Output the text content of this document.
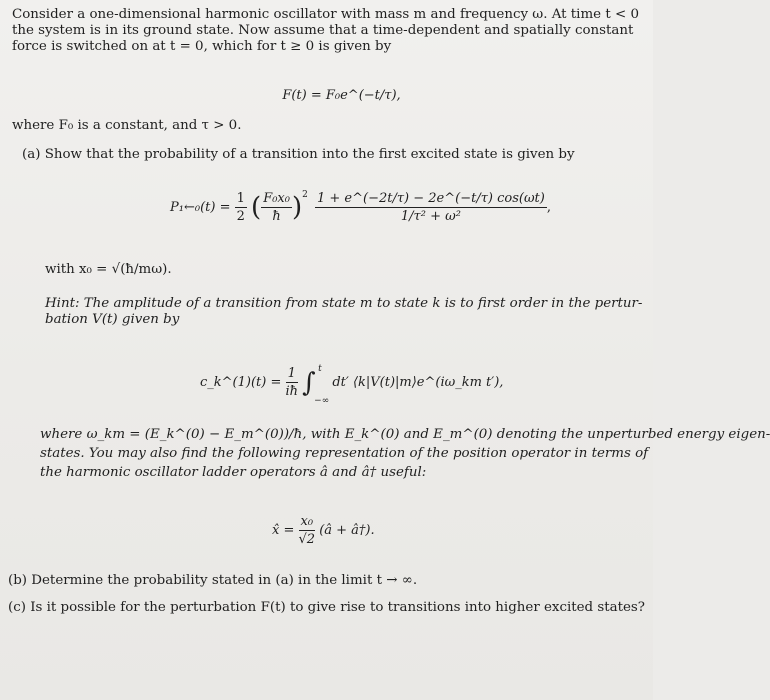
Consider a one-dimensional harmonic oscillator with mass m and frequency ω. At time t < 0
the system is in its ground state. Now assume that a time-dependent and spatially constant
force is switched on at t = 0, which for t ≥ 0 is given by
F(t) = F₀e^(−t/τ),
where F₀ is a constant, and τ > 0.
(a) Show that the probability of a transition into the first excited state is given by
P₁←₀(t) = $\frac{1}{2}$ ( $\frac{\text{F₀x₀}}{ħ} )^2 \frac{1 + e\^{}(-2t/\tau) - 2e\^{}(-t/\tau) \cos(\omega t)}{\text{1/τ² + ω²}}$ ,
with x₀ = √(ħ/mω).
Hint: The amplitude of a transition from state m to state k is to first order in the pertur-
bation V(t) given by
c_k^(1)(t) = $\frac{1}{iħ}$ ∫ t
−∞
dt′ ⟨k|V(t)|m⟩e^(iω_km t′),
where ω_km = (E_k^(0) − E_m^(0))/ħ, with E_k^(0) and E_m^(0) denoting the unperturbed energy eigen-
states. You may also find the following representation of the position operator in terms of
the harmonic oscillator ladder operators â and â† useful:
x̂ = $\frac{\text{x₀}}{√2}$ (â + â†).
(b) Determine the probability stated in (a) in the limit t → ∞.
(c) Is it possible for the perturbation F(t) to give rise to transitions into higher excited states?
